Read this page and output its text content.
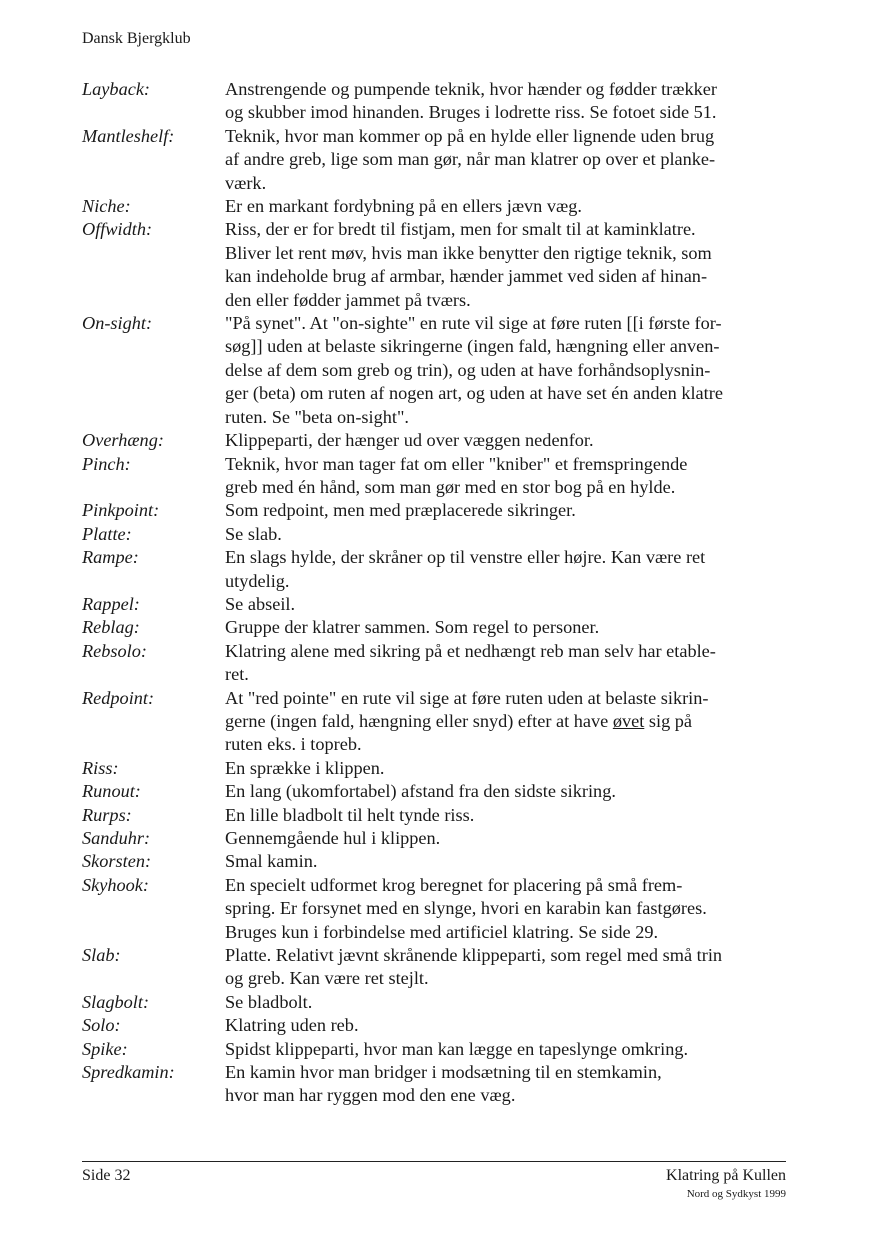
Dansk Bjergklub
Layback:	Anstrengende og pumpende teknik, hvor hænder og fødder trækker
og skubber imod hinanden. Bruges i lodrette riss. Se fotoet side 51.
Mantleshelf:	Teknik, hvor man kommer op på en hylde eller lignende uden brug
af andre greb, lige som man gør, når man klatrer op over et planke-
værk.
Niche:	Er en markant fordybning på en ellers jævn væg.
Offwidth:	Riss, der er for bredt til fistjam, men for smalt til at kaminklatre.
Bliver let rent møv, hvis man ikke benytter den rigtige teknik, som
kan indeholde brug af armbar, hænder jammet ved siden af hinan-
den eller fødder jammet på tværs.
On-sight:	"På synet". At "on-sighte" en rute vil sige at føre ruten [[i første for-
søg]] uden at belaste sikringerne (ingen fald, hængning eller anven-
delse af dem som greb og trin), og uden at have forhåndsoplysnin-
ger (beta) om ruten af nogen art, og uden at have set én anden klatre
ruten. Se "beta on-sight".
Overhæng:	Klippeparti, der hænger ud over væggen nedenfor.
Pinch:	Teknik, hvor man tager fat om eller "kniber" et fremspringende
greb med én hånd, som man gør med en stor bog på en hylde.
Pinkpoint:	Som redpoint, men med præplacerede sikringer.
Platte:	Se slab.
Rampe:	En slags hylde, der skråner op til venstre eller højre. Kan være ret
utydelig.
Rappel:	Se abseil.
Reblag:	Gruppe der klatrer sammen. Som regel to personer.
Rebsolo:	Klatring alene med sikring på et nedhængt reb man selv har etable-
ret.
Redpoint:	At "red pointe" en rute vil sige at føre ruten uden at belaste sikrin-
gerne (ingen fald, hængning eller snyd) efter at have øvet sig på
ruten eks. i topreb.
Riss:	En sprække i klippen.
Runout:	En lang (ukomfortabel) afstand fra den sidste sikring.
Rurps:	En lille bladbolt til helt tynde riss.
Sanduhr:	Gennemgående hul i klippen.
Skorsten:	Smal kamin.
Skyhook:	En specielt udformet krog beregnet for placering på små frem-
spring. Er forsynet med en slynge, hvori en karabin kan fastgøres.
Bruges kun i forbindelse med artificiel klatring. Se side 29.
Slab:	Platte. Relativt jævnt skrånende klippeparti, som regel med små trin
og greb. Kan være ret stejlt.
Slagbolt:	Se bladbolt.
Solo:	Klatring uden reb.
Spike:	Spidst klippeparti, hvor man kan lægge en tapeslynge omkring.
Spredkamin:	En kamin hvor man bridger i modsætning til en stemkamin,
hvor man har ryggen mod den ene væg.
Side 32	Klatring på Kullen
Nord og Sydkyst 1999
